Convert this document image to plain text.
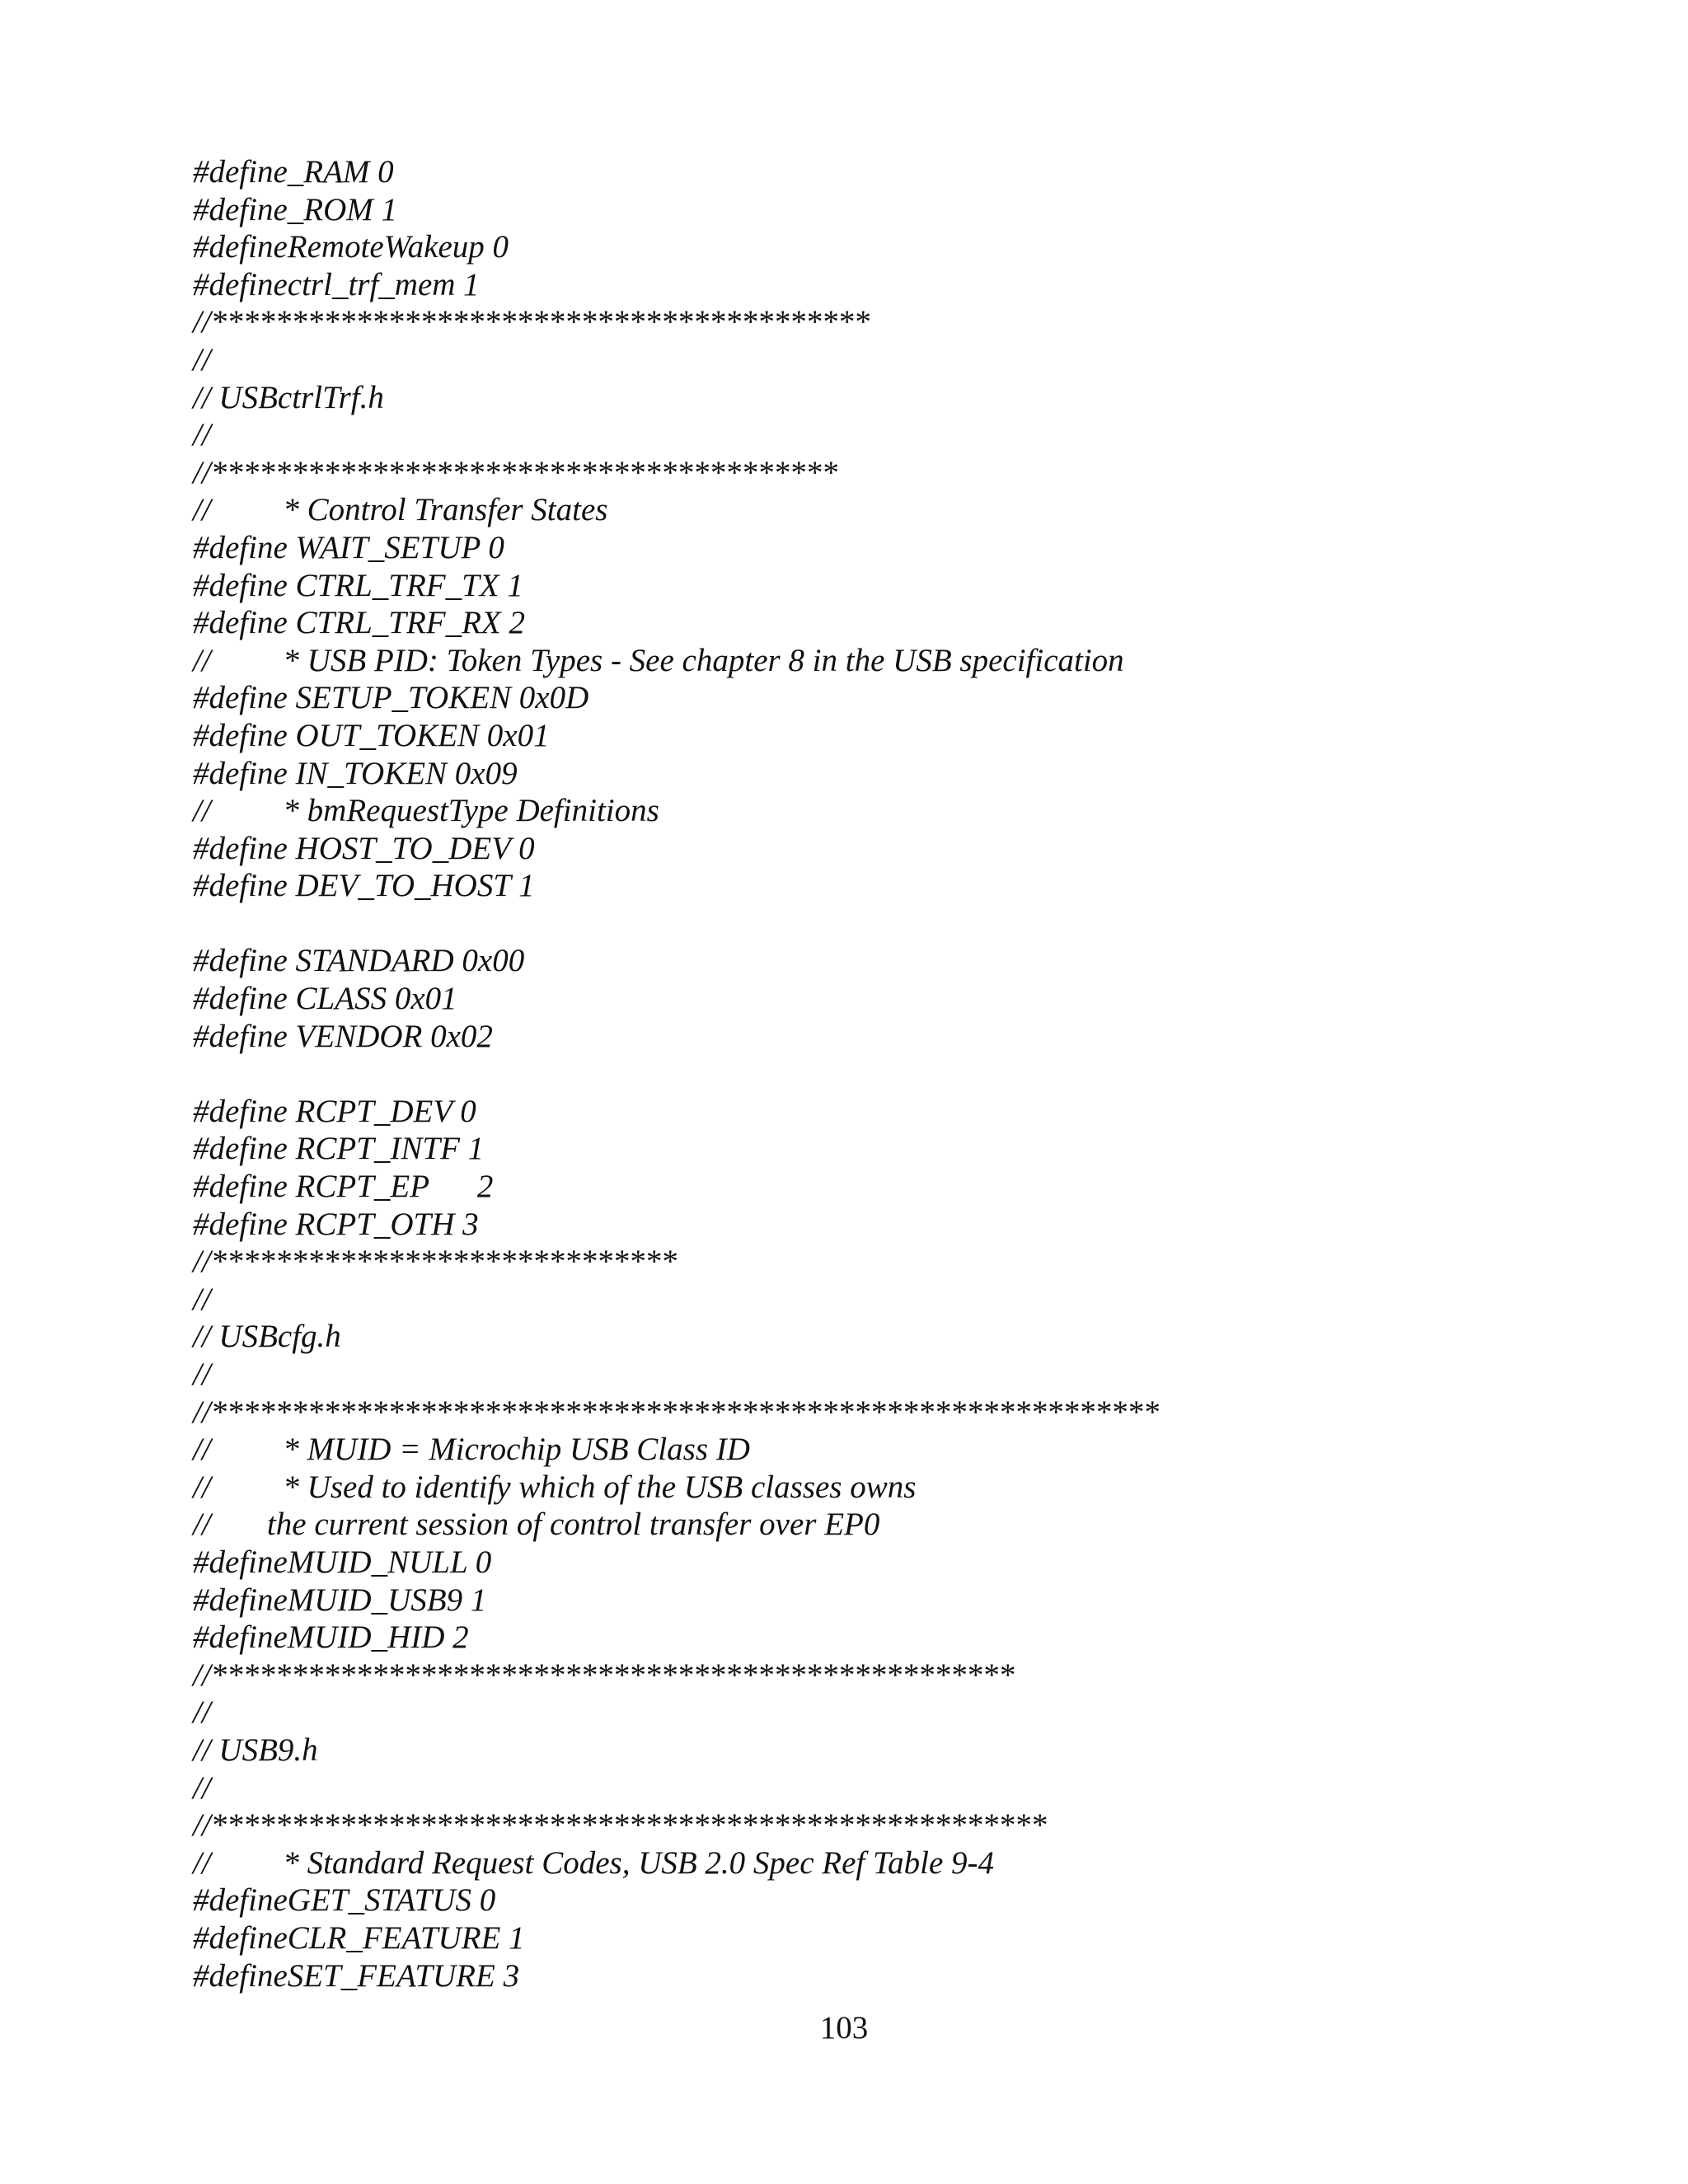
#define_RAM 0
#define_ROM 1
#defineRemoteWakeup 0
#definectrl_trf_mem 1
//*****************************************
//
// USBctrlTrf.h
//
//***************************************
//         * Control Transfer States
#define WAIT_SETUP 0
#define CTRL_TRF_TX 1
#define CTRL_TRF_RX 2
//         * USB PID: Token Types - See chapter 8 in the USB specification
#define SETUP_TOKEN 0x0D
#define OUT_TOKEN 0x01
#define IN_TOKEN 0x09
//         * bmRequestType Definitions
#define HOST_TO_DEV 0
#define DEV_TO_HOST 1
#define STANDARD 0x00
#define CLASS 0x01
#define VENDOR 0x02
#define RCPT_DEV 0
#define RCPT_INTF 1
#define RCPT_EP      2
#define RCPT_OTH 3
//*****************************
//
// USBcfg.h
//
//***********************************************************
//         * MUID = Microchip USB Class ID
//         * Used to identify which of the USB classes owns
//       the current session of control transfer over EP0
#defineMUID_NULL 0
#defineMUID_USB9 1
#defineMUID_HID 2
//**************************************************
//
// USB9.h
//
//****************************************************
//         * Standard Request Codes, USB 2.0 Spec Ref Table 9-4
#defineGET_STATUS 0
#defineCLR_FEATURE 1
#defineSET_FEATURE 3
103
